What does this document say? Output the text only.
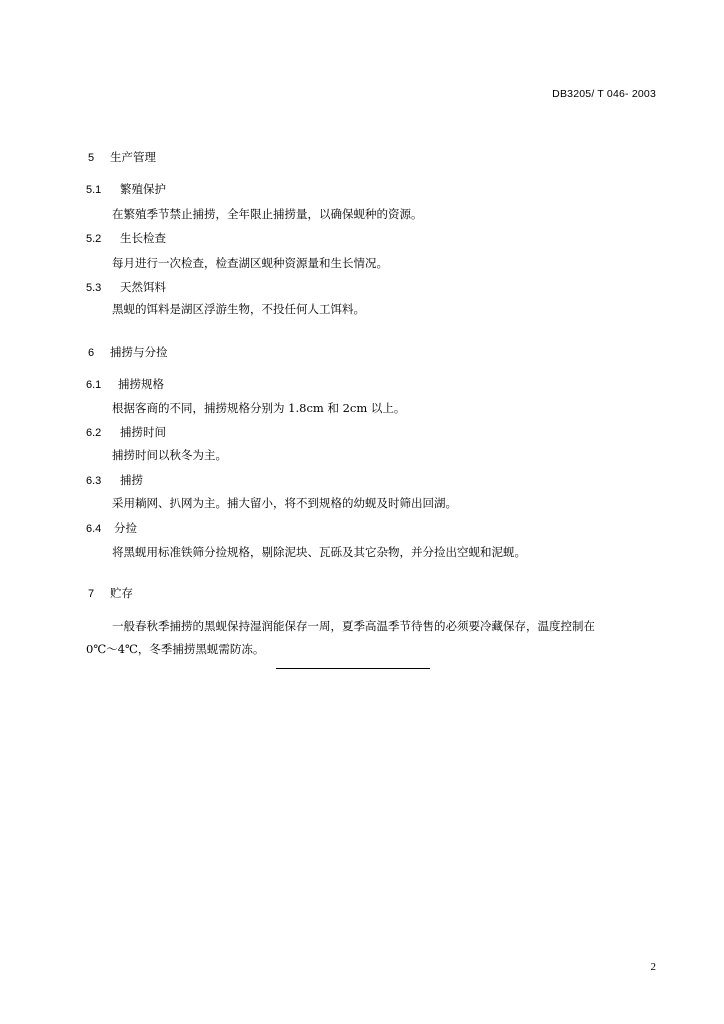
DB3205/ T 046- 2003
5 生产管理
5.1 繁殖保护
在繁殖季节禁止捕捞，全年限止捕捞量，以确保蚬种的资源。
5.2 生长检查
每月进行一次检查，检查湖区蚬种资源量和生长情况。
5.3 天然饵料
黑蚬的饵料是湖区浮游生物，不投任何人工饵料。
6 捕捞与分捡
6.1 捕捞规格
根据客商的不同，捕捞规格分别为 1.8cm 和 2cm 以上。
6.2 捕捞时间
捕捞时间以秋冬为主。
6.3 捕捞
采用耥网、扒网为主。捕大留小，将不到规格的幼蚬及时筛出回湖。
6.4 分捡
将黑蚬用标准铁筛分捡规格，剔除泥块、瓦砾及其它杂物，并分捡出空蚬和泥蚬。
7 贮存
一般春秋季捕捞的黑蚬保持湿润能保存一周，夏季高温季节待售的必须要冷藏保存，温度控制在
0℃～4℃，冬季捕捞黑蚬需防冻。
2
